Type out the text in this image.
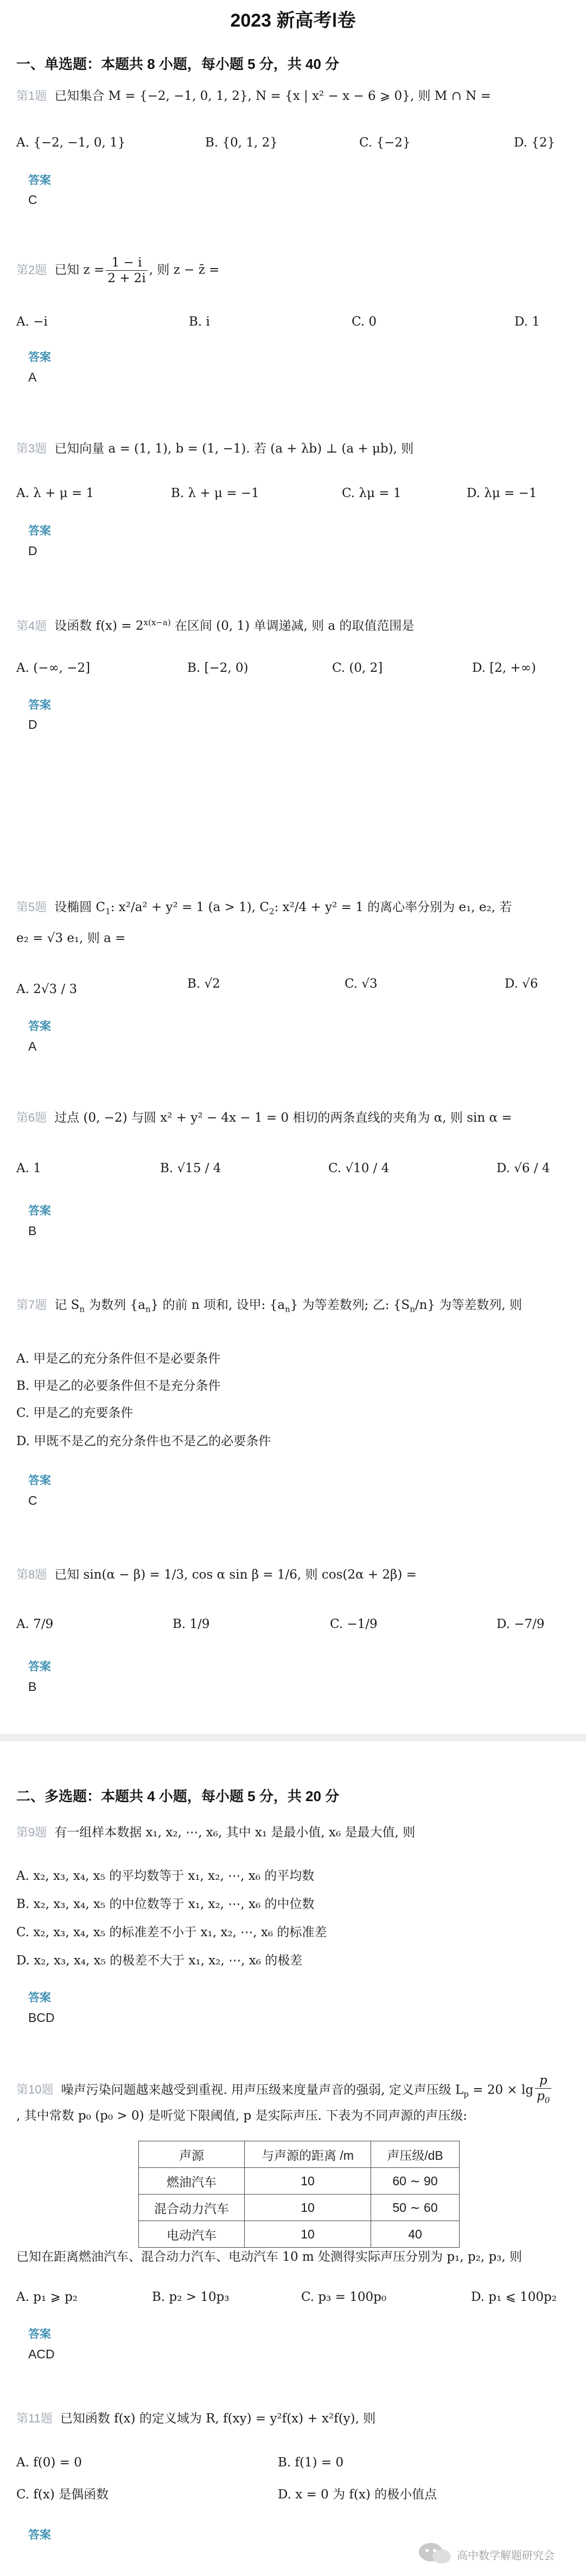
2023 新高考Ⅰ卷
一、单选题：本题共 8 小题，每小题 5 分，共 40 分
第1题 已知集合 M = {−2, −1, 0, 1, 2}, N = {x | x² − x − 6 ⩾ 0}, 则 M ∩ N =
A. {−2, −1, 0, 1}	B. {0, 1, 2}	C. {−2}	D. {2}
答案
C
第2题 已知 $z = \frac{1 - i}{2 + 2i}$ , 则 z − z̄ =
A. −i	B. i	C. 0	D. 1
答案
A
第3题 已知向量 a = (1, 1), b = (1, −1). 若 (a + λb) ⊥ (a + μb), 则
A. λ + μ = 1	B. λ + μ = −1	C. λμ = 1	D. λμ = −1
答案
D
第4题 设函数 $f(x) = 2^{x(x-a)}$ 在区间 (0, 1) 单调递减, 则 a 的取值范围是
A. (−∞, −2]	B. [−2, 0)	C. (0, 2]	D. [2, +∞)
答案
D
第5题 设椭圆 $C_1$: x²/a² + y² = 1 (a > 1), $C_2$: x²/4 + y² = 1 的离心率分别为 e₁, e₂, 若
e₂ = √3 e₁, 则 a =
A. 2√3 / 3	B. √2	C. √3	D. √6
答案
A
第6题 过点 (0, −2) 与圆 x² + y² − 4x − 1 = 0 相切的两条直线的夹角为 α, 则 sin α =
A. 1	B. √15 / 4	C. √10 / 4	D. √6 / 4
答案
B
第7题 记 $S_n$ 为数列 $\{a_n\}$ 的前 n 项和, 设甲: $\{a_n\}$ 为等差数列; 乙: $\{S_n/n\}$ 为等差数列, 则
A. 甲是乙的充分条件但不是必要条件
B. 甲是乙的必要条件但不是充分条件
C. 甲是乙的充要条件
D. 甲既不是乙的充分条件也不是乙的必要条件
答案
C
第8题 已知 sin(α − β) = 1/3, cos α sin β = 1/6, 则 cos(2α + 2β) =
A. 7/9	B. 1/9	C. −1/9	D. −7/9
答案
B
二、多选题：本题共 4 小题，每小题 5 分，共 20 分
第9题 有一组样本数据 x₁, x₂, ⋯, x₆, 其中 x₁ 是最小值, x₆ 是最大值, 则
A. x₂, x₃, x₄, x₅ 的平均数等于 x₁, x₂, ⋯, x₆ 的平均数
B. x₂, x₃, x₄, x₅ 的中位数等于 x₁, x₂, ⋯, x₆ 的中位数
C. x₂, x₃, x₄, x₅ 的标准差不小于 x₁, x₂, ⋯, x₆ 的标准差
D. x₂, x₃, x₄, x₅ 的极差不大于 x₁, x₂, ⋯, x₆ 的极差
答案
BCD
第10题 噪声污染问题越来越受到重视. 用声压级来度量声音的强弱, 定义声压级 $L_p = 20 \times \lg \frac{p}{p_0}$
, 其中常数 p₀ (p₀ > 0) 是听觉下限阈值, p 是实际声压. 下表为不同声源的声压级:
声源	与声源的距离 /m	声压级/dB
燃油汽车	10	60 ∼ 90
混合动力汽车	10	50 ∼ 60
电动汽车	10	40
已知在距离燃油汽车、混合动力汽车、电动汽车 10 m 处测得实际声压分别为 p₁, p₂, p₃, 则
A. p₁ ⩾ p₂	B. p₂ > 10p₃	C. p₃ = 100p₀	D. p₁ ⩽ 100p₂
答案
ACD
第11题 已知函数 f(x) 的定义域为 R, f(xy) = y²f(x) + x²f(y), 则
A. f(0) = 0	B. f(1) = 0
C. f(x) 是偶函数	D. x = 0 为 f(x) 的极小值点
答案
高中数学解题研究会
